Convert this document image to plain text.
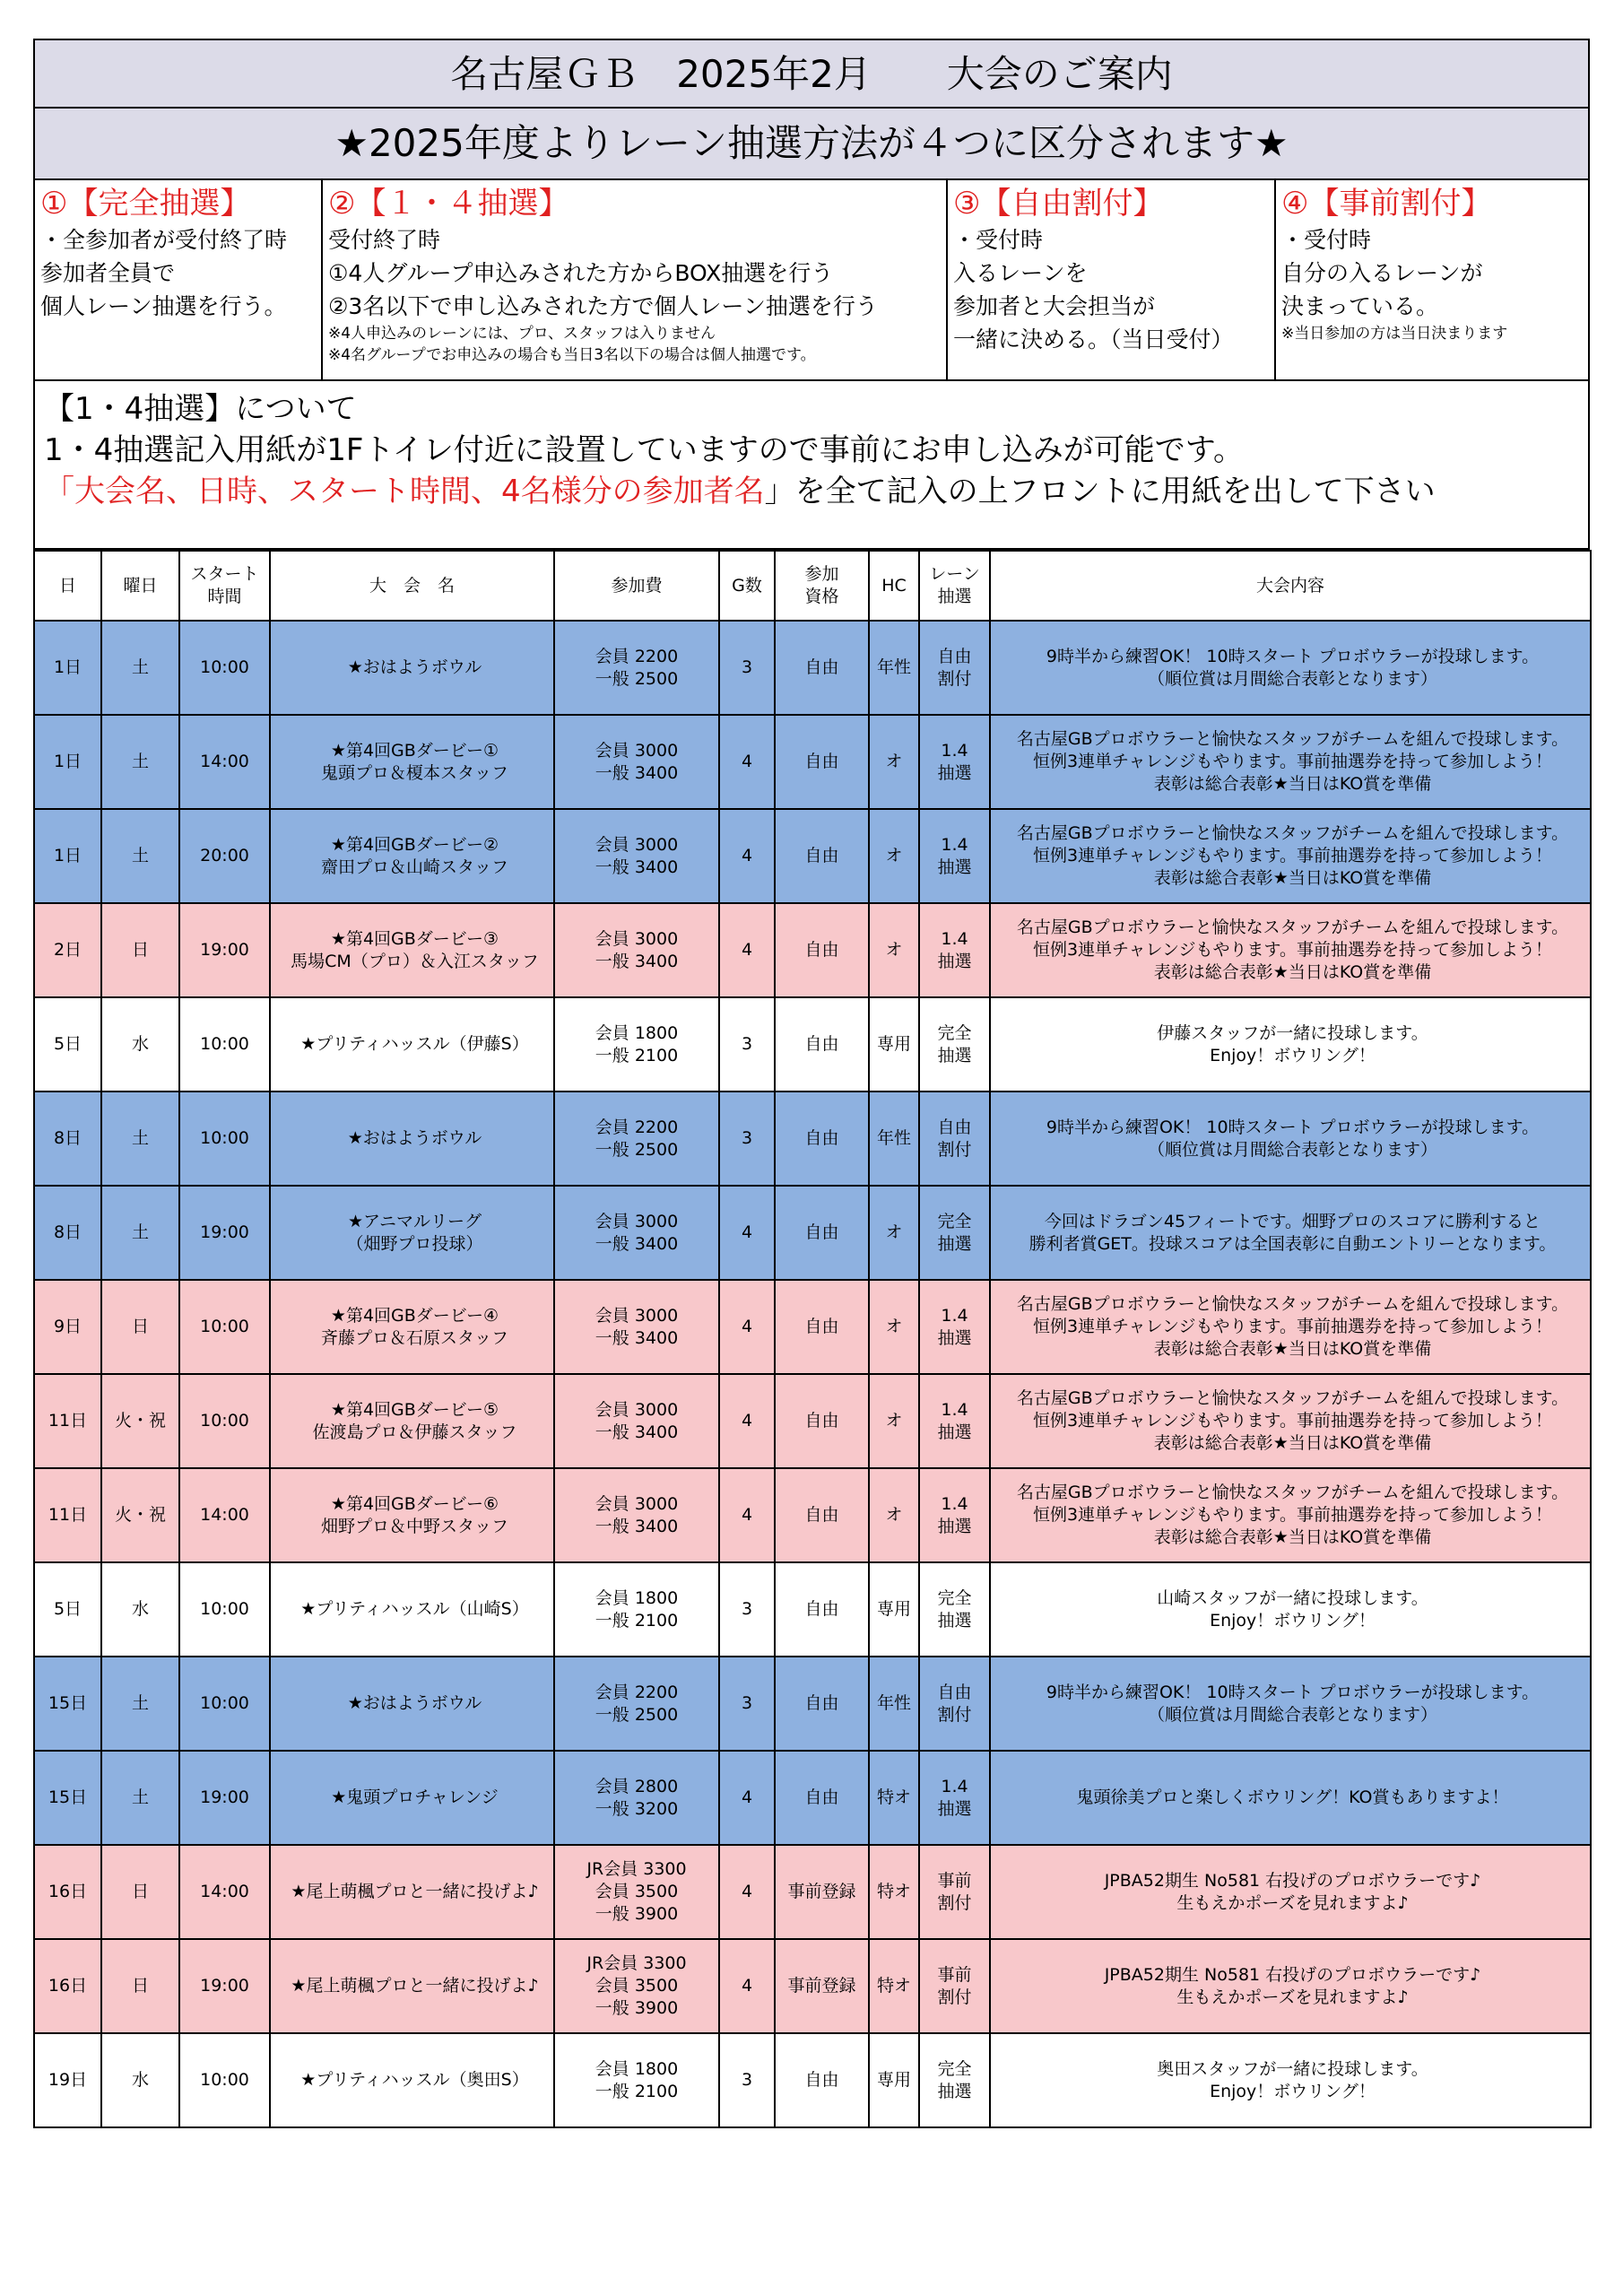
名古屋ＧＢ　2025年2月　　大会のご案内
★2025年度よりレーン抽選方法が４つに区分されます★
①【完全抽選】
・全参加者が受付終了時
参加者全員で
個人レーン抽選を行う。
②【１・４抽選】
受付終了時
①4人グループ申込みされた方からBOX抽選を行う
②3名以下で申し込みされた方で個人レーン抽選を行う
※4人申込みのレーンには、プロ、スタッフは入りません
※4名グループでお申込みの場合も当日3名以下の場合は個人抽選です。
③【自由割付】
・受付時
入るレーンを
参加者と大会担当が
一緒に決める。（当日受付）
④【事前割付】
・受付時
自分の入るレーンが
決まっている。
※当日参加の方は当日決まります
【1・4抽選】について
1・4抽選記入用紙が1Fトイレ付近に設置していますので事前にお申し込みが可能です。
「大会名、日時、スタート時間、4名様分の参加者名」を全て記入の上フロントに用紙を出して下さい
日	曜日	スタート
時間	大　会　名	参加費	G数	参加
資格	HC	レーン
抽選	大会内容
1日	土	10:00	★おはようボウル	会員 2200
一般 2500	3	自由	年性	自由
割付	9時半から練習OK！ 10時スタート プロボウラーが投球します。
（順位賞は月間総合表彰となります）
1日	土	14:00	★第4回GBダービー①
鬼頭プロ＆榎本スタッフ	会員 3000
一般 3400	4	自由	オ	1.4
抽選	名古屋GBプロボウラーと愉快なスタッフがチームを組んで投球します。
恒例3連単チャレンジもやります。事前抽選券を持って参加しよう！
表彰は総合表彰★当日はKO賞を準備
1日	土	20:00	★第4回GBダービー②
齋田プロ＆山崎スタッフ	会員 3000
一般 3400	4	自由	オ	1.4
抽選	名古屋GBプロボウラーと愉快なスタッフがチームを組んで投球します。
恒例3連単チャレンジもやります。事前抽選券を持って参加しよう！
表彰は総合表彰★当日はKO賞を準備
2日	日	19:00	★第4回GBダービー③
馬場CM（プロ）＆入江スタッフ	会員 3000
一般 3400	4	自由	オ	1.4
抽選	名古屋GBプロボウラーと愉快なスタッフがチームを組んで投球します。
恒例3連単チャレンジもやります。事前抽選券を持って参加しよう！
表彰は総合表彰★当日はKO賞を準備
5日	水	10:00	★プリティハッスル（伊藤S）	会員 1800
一般 2100	3	自由	専用	完全
抽選	伊藤スタッフが一緒に投球します。
Enjoy！ボウリング！
8日	土	10:00	★おはようボウル	会員 2200
一般 2500	3	自由	年性	自由
割付	9時半から練習OK！ 10時スタート プロボウラーが投球します。
（順位賞は月間総合表彰となります）
8日	土	19:00	★アニマルリーグ
（畑野プロ投球）	会員 3000
一般 3400	4	自由	オ	完全
抽選	今回はドラゴン45フィートです。畑野プロのスコアに勝利すると
勝利者賞GET。投球スコアは全国表彰に自動エントリーとなります。
9日	日	10:00	★第4回GBダービー④
斉藤プロ＆石原スタッフ	会員 3000
一般 3400	4	自由	オ	1.4
抽選	名古屋GBプロボウラーと愉快なスタッフがチームを組んで投球します。
恒例3連単チャレンジもやります。事前抽選券を持って参加しよう！
表彰は総合表彰★当日はKO賞を準備
11日	火・祝	10:00	★第4回GBダービー⑤
佐渡島プロ＆伊藤スタッフ	会員 3000
一般 3400	4	自由	オ	1.4
抽選	名古屋GBプロボウラーと愉快なスタッフがチームを組んで投球します。
恒例3連単チャレンジもやります。事前抽選券を持って参加しよう！
表彰は総合表彰★当日はKO賞を準備
11日	火・祝	14:00	★第4回GBダービー⑥
畑野プロ＆中野スタッフ	会員 3000
一般 3400	4	自由	オ	1.4
抽選	名古屋GBプロボウラーと愉快なスタッフがチームを組んで投球します。
恒例3連単チャレンジもやります。事前抽選券を持って参加しよう！
表彰は総合表彰★当日はKO賞を準備
5日	水	10:00	★プリティハッスル（山崎S）	会員 1800
一般 2100	3	自由	専用	完全
抽選	山崎スタッフが一緒に投球します。
Enjoy！ボウリング！
15日	土	10:00	★おはようボウル	会員 2200
一般 2500	3	自由	年性	自由
割付	9時半から練習OK！ 10時スタート プロボウラーが投球します。
（順位賞は月間総合表彰となります）
15日	土	19:00	★鬼頭プロチャレンジ	会員 2800
一般 3200	4	自由	特オ	1.4
抽選	鬼頭徐美プロと楽しくボウリング！KO賞もありますよ！
16日	日	14:00	★尾上萌楓プロと一緒に投げよ♪	JR会員 3300
会員 3500
一般 3900	4	事前登録	特オ	事前
割付	JPBA52期生 No581 右投げのプロボウラーです♪
生もえかポーズを見れますよ♪
16日	日	19:00	★尾上萌楓プロと一緒に投げよ♪	JR会員 3300
会員 3500
一般 3900	4	事前登録	特オ	事前
割付	JPBA52期生 No581 右投げのプロボウラーです♪
生もえかポーズを見れますよ♪
19日	水	10:00	★プリティハッスル（奥田S）	会員 1800
一般 2100	3	自由	専用	完全
抽選	奥田スタッフが一緒に投球します。
Enjoy！ボウリング！
